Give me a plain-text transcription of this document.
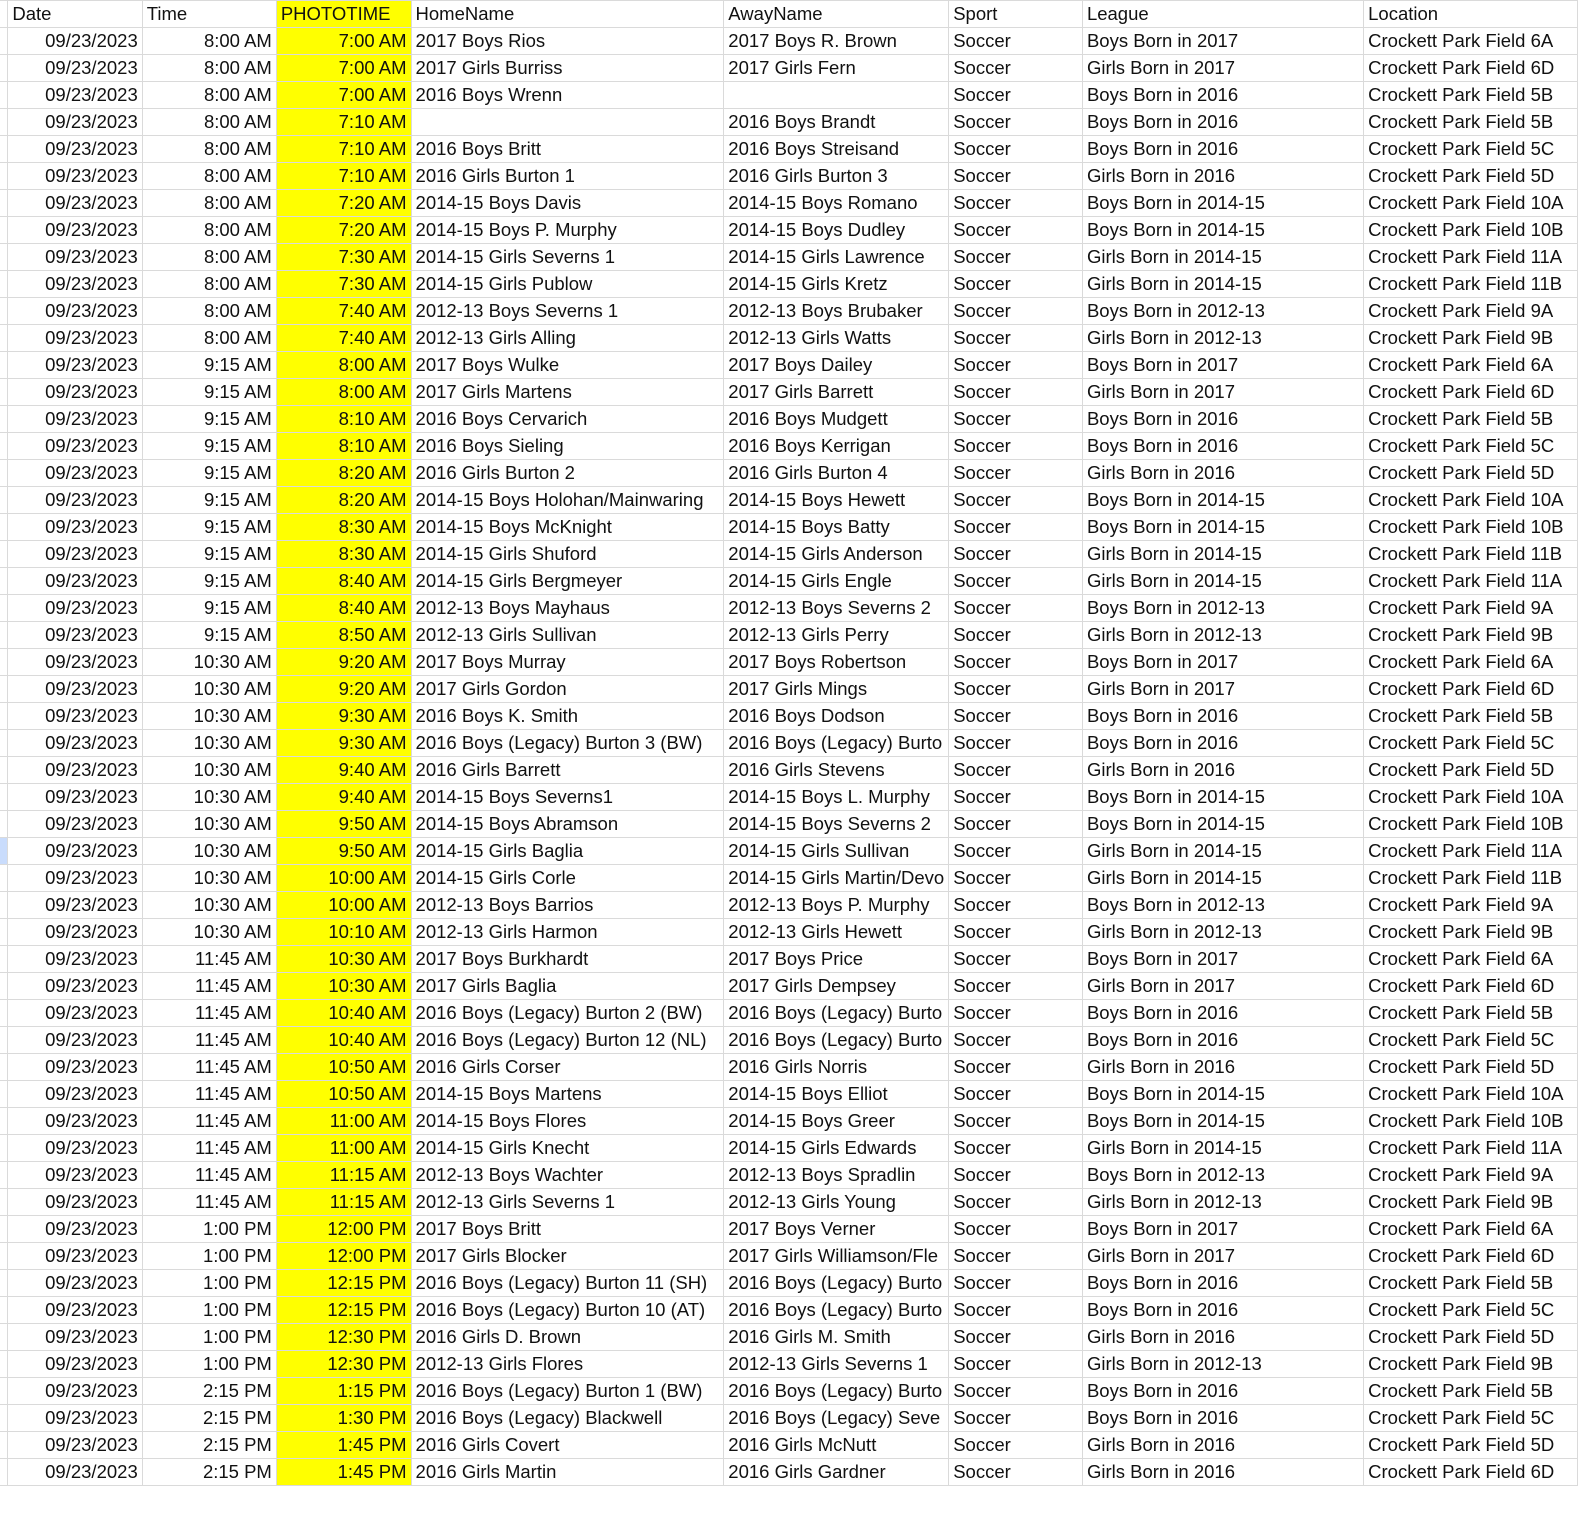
	Date	Time	PHOTOTIME	HomeName	AwayName	Sport	League	Location
	09/23/2023	8:00 AM	7:00 AM	2017 Boys Rios	2017 Boys R. Brown	Soccer	Boys Born in 2017	Crockett Park Field 6A
	09/23/2023	8:00 AM	7:00 AM	2017 Girls Burriss	2017 Girls Fern	Soccer	Girls Born in 2017	Crockett Park Field 6D
	09/23/2023	8:00 AM	7:00 AM	2016 Boys Wrenn		Soccer	Boys Born in 2016	Crockett Park Field 5B
	09/23/2023	8:00 AM	7:10 AM		2016 Boys Brandt	Soccer	Boys Born in 2016	Crockett Park Field 5B
	09/23/2023	8:00 AM	7:10 AM	2016 Boys Britt	2016 Boys Streisand	Soccer	Boys Born in 2016	Crockett Park Field 5C
	09/23/2023	8:00 AM	7:10 AM	2016 Girls Burton 1	2016 Girls Burton 3	Soccer	Girls Born in 2016	Crockett Park Field 5D
	09/23/2023	8:00 AM	7:20 AM	2014-15 Boys Davis	2014-15 Boys Romano	Soccer	Boys Born in 2014-15	Crockett Park Field 10A
	09/23/2023	8:00 AM	7:20 AM	2014-15 Boys P. Murphy	2014-15 Boys Dudley	Soccer	Boys Born in 2014-15	Crockett Park Field 10B
	09/23/2023	8:00 AM	7:30 AM	2014-15 Girls Severns 1	2014-15 Girls Lawrence	Soccer	Girls Born in 2014-15	Crockett Park Field 11A
	09/23/2023	8:00 AM	7:30 AM	2014-15 Girls Publow	2014-15 Girls Kretz	Soccer	Girls Born in 2014-15	Crockett Park Field 11B
	09/23/2023	8:00 AM	7:40 AM	2012-13 Boys Severns 1	2012-13 Boys Brubaker	Soccer	Boys Born in 2012-13	Crockett Park Field 9A
	09/23/2023	8:00 AM	7:40 AM	2012-13 Girls Alling	2012-13 Girls Watts	Soccer	Girls Born in 2012-13	Crockett Park Field 9B
	09/23/2023	9:15 AM	8:00 AM	2017 Boys Wulke	2017 Boys Dailey	Soccer	Boys Born in 2017	Crockett Park Field 6A
	09/23/2023	9:15 AM	8:00 AM	2017 Girls Martens	2017 Girls Barrett	Soccer	Girls Born in 2017	Crockett Park Field 6D
	09/23/2023	9:15 AM	8:10 AM	2016 Boys Cervarich	2016 Boys Mudgett	Soccer	Boys Born in 2016	Crockett Park Field 5B
	09/23/2023	9:15 AM	8:10 AM	2016 Boys Sieling	2016 Boys Kerrigan	Soccer	Boys Born in 2016	Crockett Park Field 5C
	09/23/2023	9:15 AM	8:20 AM	2016 Girls Burton 2	2016 Girls Burton 4	Soccer	Girls Born in 2016	Crockett Park Field 5D
	09/23/2023	9:15 AM	8:20 AM	2014-15 Boys Holohan/Mainwaring	2014-15 Boys Hewett	Soccer	Boys Born in 2014-15	Crockett Park Field 10A
	09/23/2023	9:15 AM	8:30 AM	2014-15 Boys McKnight	2014-15 Boys Batty	Soccer	Boys Born in 2014-15	Crockett Park Field 10B
	09/23/2023	9:15 AM	8:30 AM	2014-15 Girls Shuford	2014-15 Girls Anderson	Soccer	Girls Born in 2014-15	Crockett Park Field 11B
	09/23/2023	9:15 AM	8:40 AM	2014-15 Girls Bergmeyer	2014-15 Girls Engle	Soccer	Girls Born in 2014-15	Crockett Park Field 11A
	09/23/2023	9:15 AM	8:40 AM	2012-13 Boys Mayhaus	2012-13 Boys Severns 2	Soccer	Boys Born in 2012-13	Crockett Park Field 9A
	09/23/2023	9:15 AM	8:50 AM	2012-13 Girls Sullivan	2012-13 Girls Perry	Soccer	Girls Born in 2012-13	Crockett Park Field 9B
	09/23/2023	10:30 AM	9:20 AM	2017 Boys Murray	2017 Boys Robertson	Soccer	Boys Born in 2017	Crockett Park Field 6A
	09/23/2023	10:30 AM	9:20 AM	2017 Girls Gordon	2017 Girls Mings	Soccer	Girls Born in 2017	Crockett Park Field 6D
	09/23/2023	10:30 AM	9:30 AM	2016 Boys K. Smith	2016 Boys Dodson	Soccer	Boys Born in 2016	Crockett Park Field 5B
	09/23/2023	10:30 AM	9:30 AM	2016 Boys (Legacy) Burton 3 (BW)	2016 Boys (Legacy) Burto	Soccer	Boys Born in 2016	Crockett Park Field 5C
	09/23/2023	10:30 AM	9:40 AM	2016 Girls Barrett	2016 Girls Stevens	Soccer	Girls Born in 2016	Crockett Park Field 5D
	09/23/2023	10:30 AM	9:40 AM	2014-15 Boys Severns1	2014-15 Boys L. Murphy	Soccer	Boys Born in 2014-15	Crockett Park Field 10A
	09/23/2023	10:30 AM	9:50 AM	2014-15 Boys Abramson	2014-15 Boys Severns 2	Soccer	Boys Born in 2014-15	Crockett Park Field 10B
	09/23/2023	10:30 AM	9:50 AM	2014-15 Girls Baglia	2014-15 Girls Sullivan	Soccer	Girls Born in 2014-15	Crockett Park Field 11A
	09/23/2023	10:30 AM	10:00 AM	2014-15 Girls Corle	2014-15 Girls Martin/Devo	Soccer	Girls Born in 2014-15	Crockett Park Field 11B
	09/23/2023	10:30 AM	10:00 AM	2012-13 Boys Barrios	2012-13 Boys P. Murphy	Soccer	Boys Born in 2012-13	Crockett Park Field 9A
	09/23/2023	10:30 AM	10:10 AM	2012-13 Girls Harmon	2012-13 Girls Hewett	Soccer	Girls Born in 2012-13	Crockett Park Field 9B
	09/23/2023	11:45 AM	10:30 AM	2017 Boys Burkhardt	2017 Boys Price	Soccer	Boys Born in 2017	Crockett Park Field 6A
	09/23/2023	11:45 AM	10:30 AM	2017 Girls Baglia	2017 Girls Dempsey	Soccer	Girls Born in 2017	Crockett Park Field 6D
	09/23/2023	11:45 AM	10:40 AM	2016 Boys (Legacy) Burton 2 (BW)	2016 Boys (Legacy) Burto	Soccer	Boys Born in 2016	Crockett Park Field 5B
	09/23/2023	11:45 AM	10:40 AM	2016 Boys (Legacy) Burton 12 (NL)	2016 Boys (Legacy) Burto	Soccer	Boys Born in 2016	Crockett Park Field 5C
	09/23/2023	11:45 AM	10:50 AM	2016 Girls Corser	2016 Girls Norris	Soccer	Girls Born in 2016	Crockett Park Field 5D
	09/23/2023	11:45 AM	10:50 AM	2014-15 Boys Martens	2014-15 Boys Elliot	Soccer	Boys Born in 2014-15	Crockett Park Field 10A
	09/23/2023	11:45 AM	11:00 AM	2014-15 Boys Flores	2014-15 Boys Greer	Soccer	Boys Born in 2014-15	Crockett Park Field 10B
	09/23/2023	11:45 AM	11:00 AM	2014-15 Girls Knecht	2014-15 Girls Edwards	Soccer	Girls Born in 2014-15	Crockett Park Field 11A
	09/23/2023	11:45 AM	11:15 AM	2012-13 Boys Wachter	2012-13 Boys Spradlin	Soccer	Boys Born in 2012-13	Crockett Park Field 9A
	09/23/2023	11:45 AM	11:15 AM	2012-13 Girls Severns 1	2012-13 Girls Young	Soccer	Girls Born in 2012-13	Crockett Park Field 9B
	09/23/2023	1:00 PM	12:00 PM	2017 Boys Britt	2017 Boys Verner	Soccer	Boys Born in 2017	Crockett Park Field 6A
	09/23/2023	1:00 PM	12:00 PM	2017 Girls Blocker	2017 Girls Williamson/Fle	Soccer	Girls Born in 2017	Crockett Park Field 6D
	09/23/2023	1:00 PM	12:15 PM	2016 Boys (Legacy) Burton 11 (SH)	2016 Boys (Legacy) Burto	Soccer	Boys Born in 2016	Crockett Park Field 5B
	09/23/2023	1:00 PM	12:15 PM	2016 Boys (Legacy) Burton 10 (AT)	2016 Boys (Legacy) Burto	Soccer	Boys Born in 2016	Crockett Park Field 5C
	09/23/2023	1:00 PM	12:30 PM	2016 Girls D. Brown	2016 Girls M. Smith	Soccer	Girls Born in 2016	Crockett Park Field 5D
	09/23/2023	1:00 PM	12:30 PM	2012-13 Girls Flores	2012-13 Girls Severns 1	Soccer	Girls Born in 2012-13	Crockett Park Field 9B
	09/23/2023	2:15 PM	1:15 PM	2016 Boys (Legacy) Burton 1 (BW)	2016 Boys (Legacy) Burto	Soccer	Boys Born in 2016	Crockett Park Field 5B
	09/23/2023	2:15 PM	1:30 PM	2016 Boys (Legacy) Blackwell	2016 Boys (Legacy) Seve	Soccer	Boys Born in 2016	Crockett Park Field 5C
	09/23/2023	2:15 PM	1:45 PM	2016 Girls Covert	2016 Girls McNutt	Soccer	Girls Born in 2016	Crockett Park Field 5D
	09/23/2023	2:15 PM	1:45 PM	2016 Girls Martin	2016 Girls Gardner	Soccer	Girls Born in 2016	Crockett Park Field 6D
